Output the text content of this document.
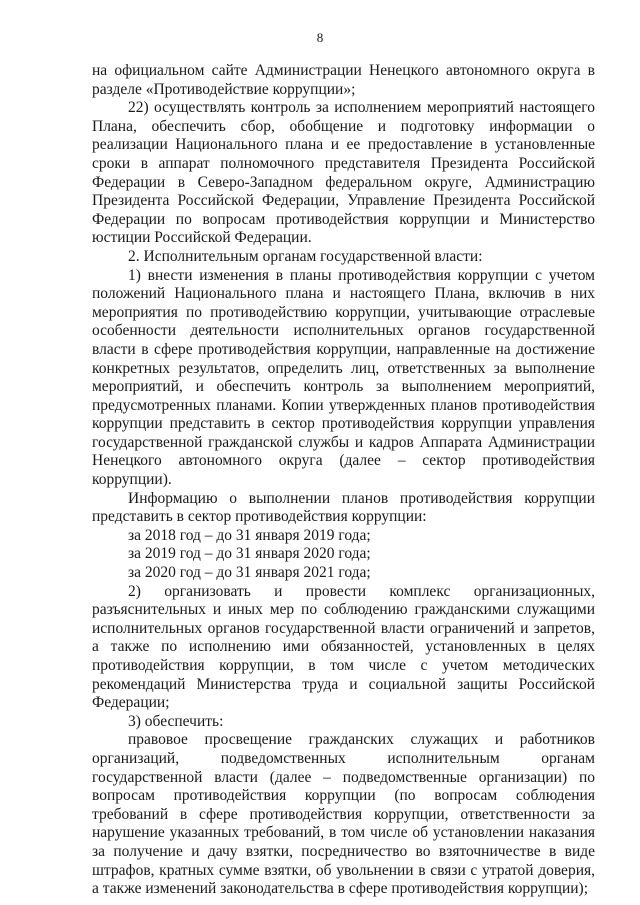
8

на официальном сайте Администрации Ненецкого автономного округа в разделе «Противодействие коррупции»;

22) осуществлять контроль за исполнением мероприятий настоящего Плана, обеспечить сбор, обобщение и подготовку информации о реализации Национального плана и ее предоставление в установленные сроки в аппарат полномочного представителя Президента Российской Федерации в Северо-Западном федеральном округе, Администрацию Президента Российской Федерации, Управление Президента Российской Федерации по вопросам противодействия коррупции и Министерство юстиции Российской Федерации.

2. Исполнительным органам государственной власти:

1) внести изменения в планы противодействия коррупции с учетом положений Национального плана и настоящего Плана, включив в них мероприятия по противодействию коррупции, учитывающие отраслевые особенности деятельности исполнительных органов государственной власти в сфере противодействия коррупции, направленные на достижение конкретных результатов, определить лиц, ответственных за выполнение мероприятий, и обеспечить контроль за выполнением мероприятий, предусмотренных планами. Копии утвержденных планов противодействия коррупции представить в сектор противодействия коррупции управления государственной гражданской службы и кадров Аппарата Администрации Ненецкого автономного округа (далее – сектор противодействия коррупции).

Информацию о выполнении планов противодействия коррупции представить в сектор противодействия коррупции:

за 2018 год – до 31 января 2019 года;

за 2019 год – до 31 января 2020 года;

за 2020 год – до 31 января 2021 года;

2) организовать и провести комплекс организационных, разъяснительных и иных мер по соблюдению гражданскими служащими исполнительных органов государственной власти ограничений и запретов, а также по исполнению ими обязанностей, установленных в целях противодействия коррупции, в том числе с учетом методических рекомендаций Министерства труда и социальной защиты Российской Федерации;

3) обеспечить:

правовое просвещение гражданских служащих и работников организаций, подведомственных исполнительным органам государственной власти (далее – подведомственные организации) по вопросам противодействия коррупции (по вопросам соблюдения требований в сфере противодействия коррупции, ответственности за нарушение указанных требований, в том числе об установлении наказания за получение и дачу взятки, посредничество во взяточничестве в виде штрафов, кратных сумме взятки, об увольнении в связи с утратой доверия, а также изменений законодательства в сфере противодействия коррупции);
